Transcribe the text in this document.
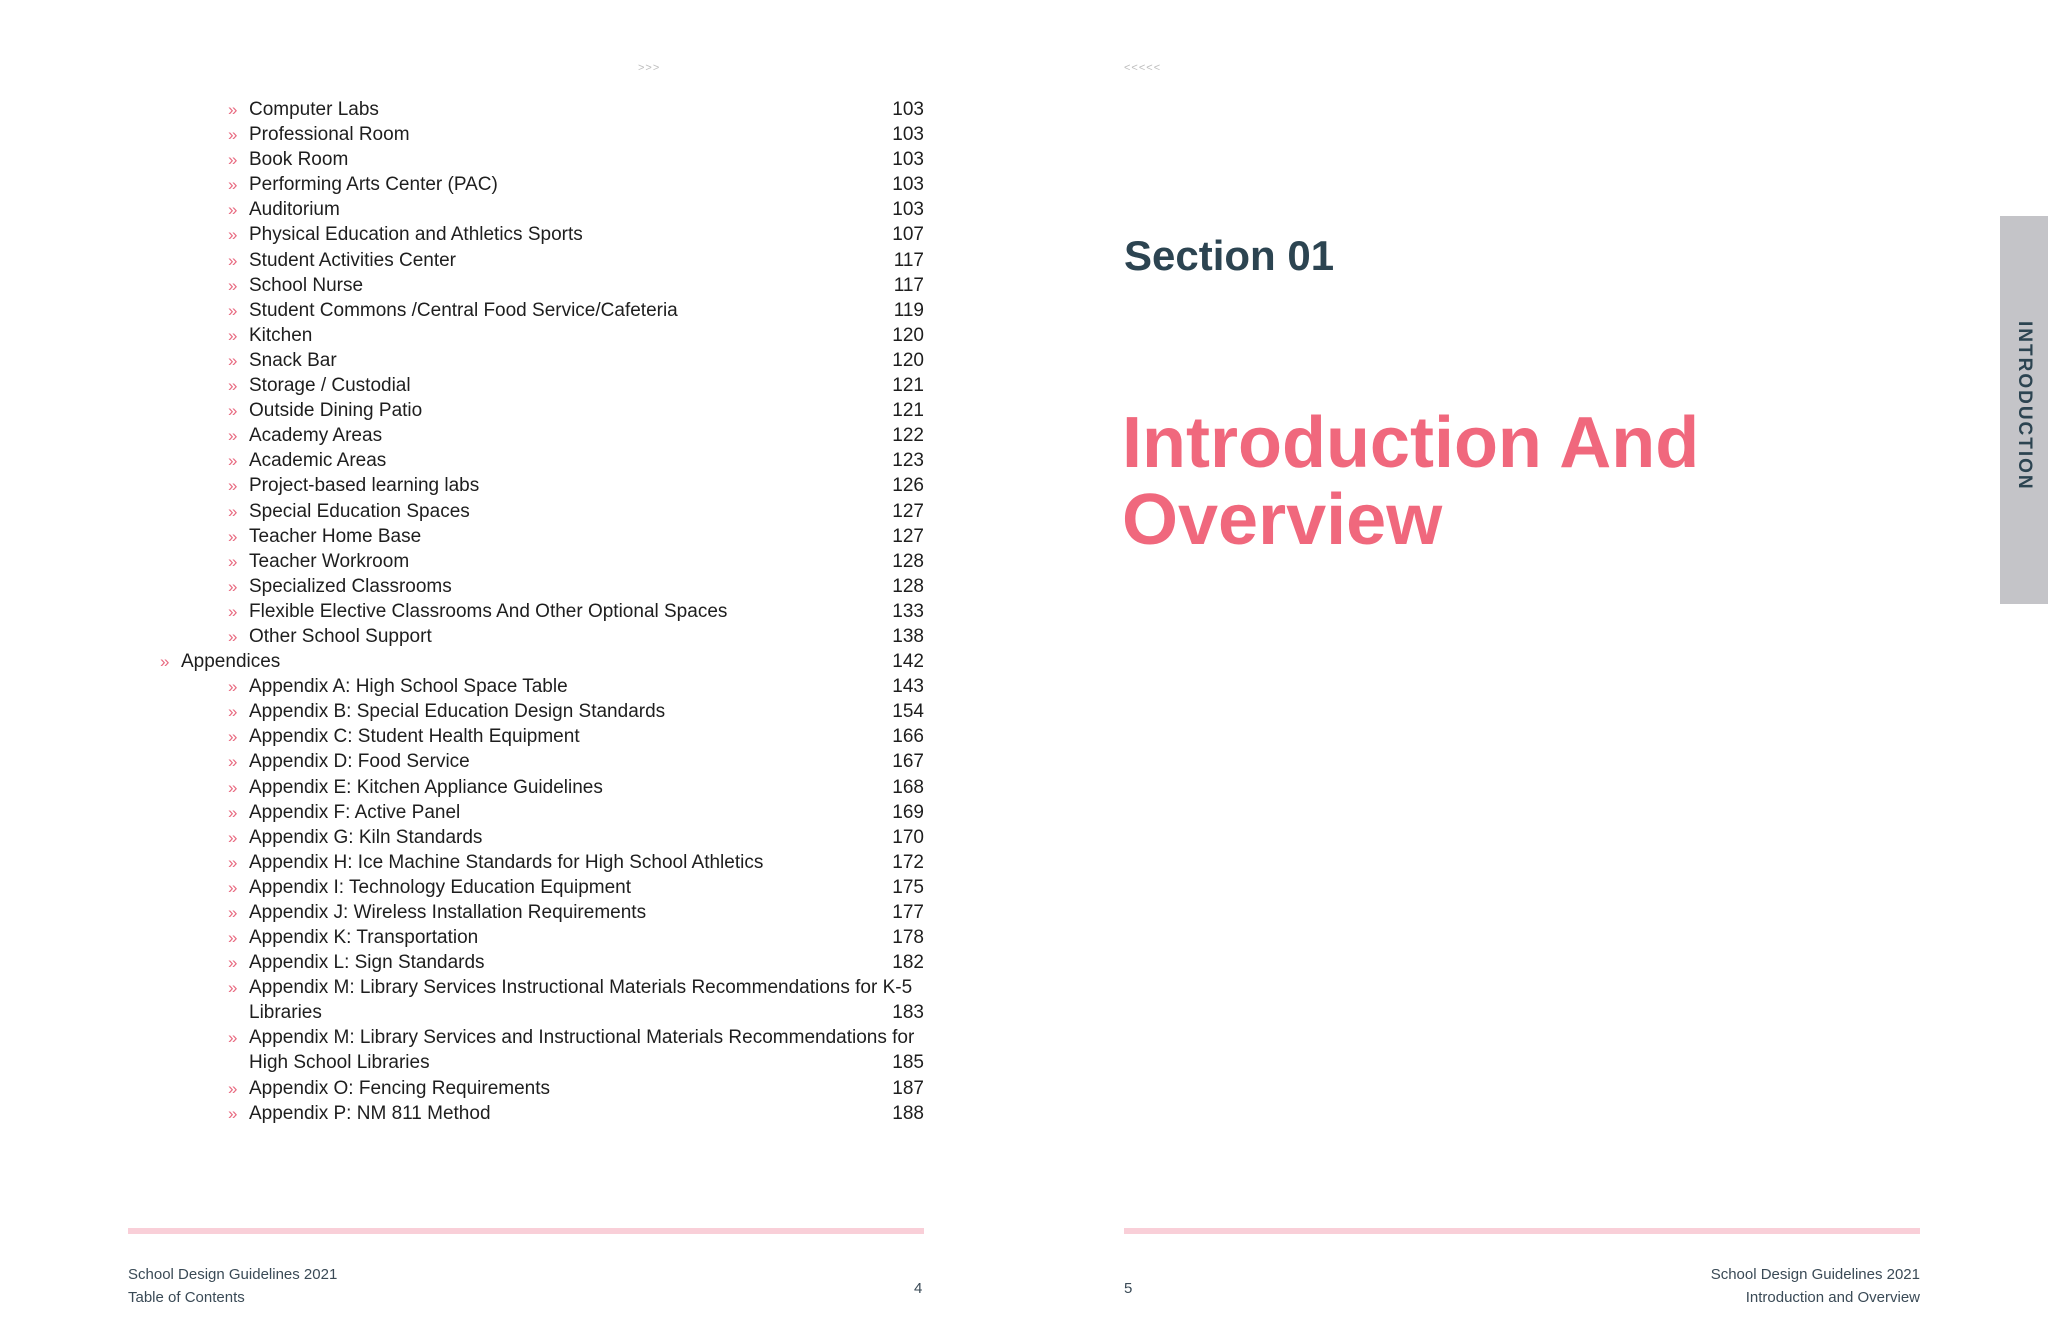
>>>
» Computer Labs	103
» Professional Room	103
» Book Room	103
» Performing Arts Center (PAC)	103
» Auditorium	103
» Physical Education and Athletics Sports	107
» Student Activities Center	117
» School Nurse	117
» Student Commons /Central Food Service/Cafeteria	119
» Kitchen	120
» Snack Bar	120
» Storage / Custodial	121
» Outside Dining Patio	121
» Academy Areas	122
» Academic Areas	123
» Project-based learning labs	126
» Special Education Spaces	127
» Teacher Home Base	127
» Teacher Workroom	128
» Specialized Classrooms	128
» Flexible Elective Classrooms And Other Optional Spaces	133
» Other School Support	138
» Appendices	142
» Appendix A: High School Space Table	143
» Appendix B: Special Education Design Standards	154
» Appendix C: Student Health Equipment	166
» Appendix D: Food Service	167
» Appendix E: Kitchen Appliance Guidelines	168
» Appendix F: Active Panel	169
» Appendix G: Kiln Standards	170
» Appendix H: Ice Machine Standards for High School Athletics	172
» Appendix I: Technology Education Equipment	175
» Appendix J: Wireless Installation Requirements	177
» Appendix K: Transportation	178
» Appendix L: Sign Standards	182
» Appendix M: Library Services Instructional Materials Recommendations for K-5 Libraries	183
» Appendix M: Library Services and Instructional Materials Recommendations for High School Libraries	185
» Appendix O: Fencing Requirements	187
» Appendix P: NM 811 Method	188
School Design Guidelines 2021
Table of Contents
4
<<<<<
Section 01
Introduction And Overview
INTRODUCTION
5
School Design Guidelines 2021
Introduction and Overview
